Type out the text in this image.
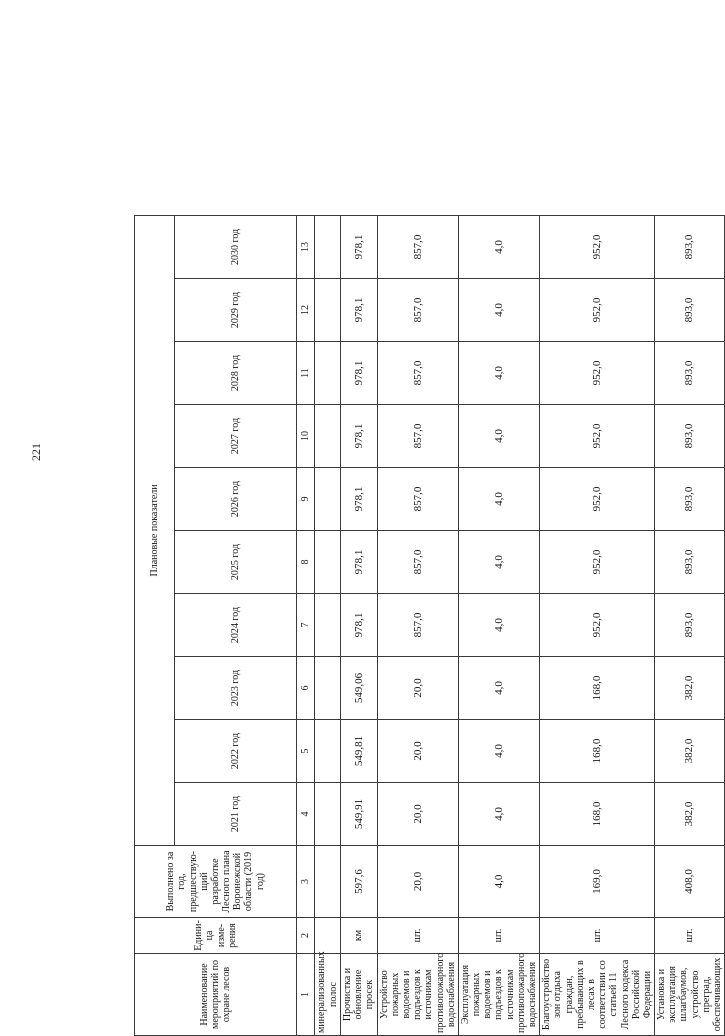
221
Наименование мероприятий по охране лесов	Едини-ца изме-рения	Выполнено за год, предшествую-щий разработке Лесного плана Воронежской области (2019 год)	Плановые показатели									
			2021 год	2022 год	2023 год	2024 год	2025 год	2026 год	2027 год	2028 год	2029 год	2030 год
1	2	3	4	5	6	7	8	9	10	11	12	13
минерализованных полос												
Прочистка и обновление просек	км	597,6	549,91	549,81	549,06	978,1	978,1	978,1	978,1	978,1	978,1	978,1
Устройство пожарных водоемов и подъездов к источникам противопожарного водоснабжения	шт.	20,0	20,0	20,0	20,0	857,0	857,0	857,0	857,0	857,0	857,0	857,0
Эксплуатация пожарных водоемов и подъездов к источникам противопожарного водоснабжения	шт.	4,0	4,0	4,0	4,0	4,0	4,0	4,0	4,0	4,0	4,0	4,0
Благоустройство зон отдыха граждан, пребывающих в лесах в соответствии со статьей 11 Лесного кодекса Российской Федерации	шт.	169,0	168,0	168,0	168,0	952,0	952,0	952,0	952,0	952,0	952,0	952,0
Установка и эксплуатация шлагбаумов, устройство преград, обеспечивающих	шт.	408,0	382,0	382,0	382,0	893,0	893,0	893,0	893,0	893,0	893,0	893,0
